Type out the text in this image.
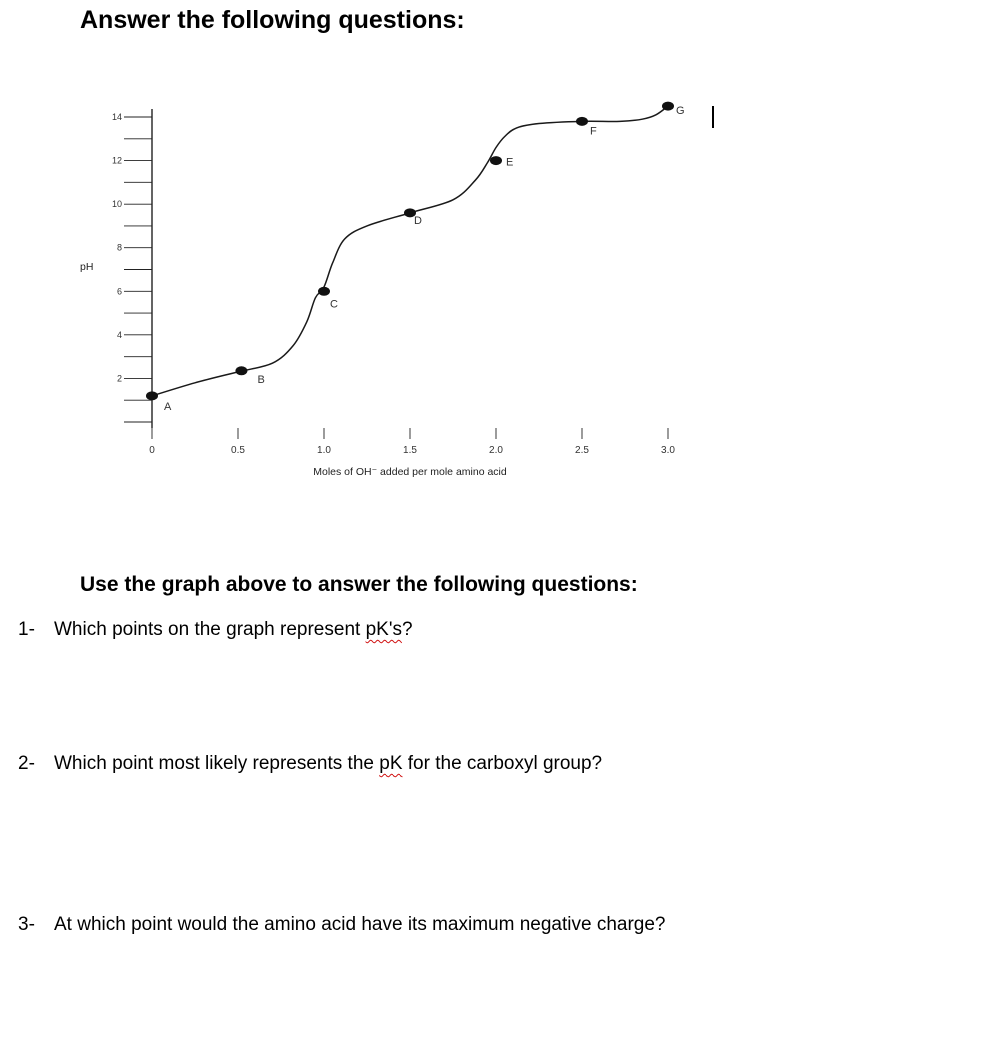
Answer the following questions:
2
4
6
8
10
12
14
0	0.5	1.0	1.5	2.0	2.5	3.0
A
B
C
D
E
F
G
pH
Moles of OH⁻ added per mole amino acid
Use the graph above to answer the following questions:

1- Which points on the graph represent pK's?

2- Which point most likely represents the pK for the carboxyl group?

3- At which point would the amino acid have its maximum negative charge?
